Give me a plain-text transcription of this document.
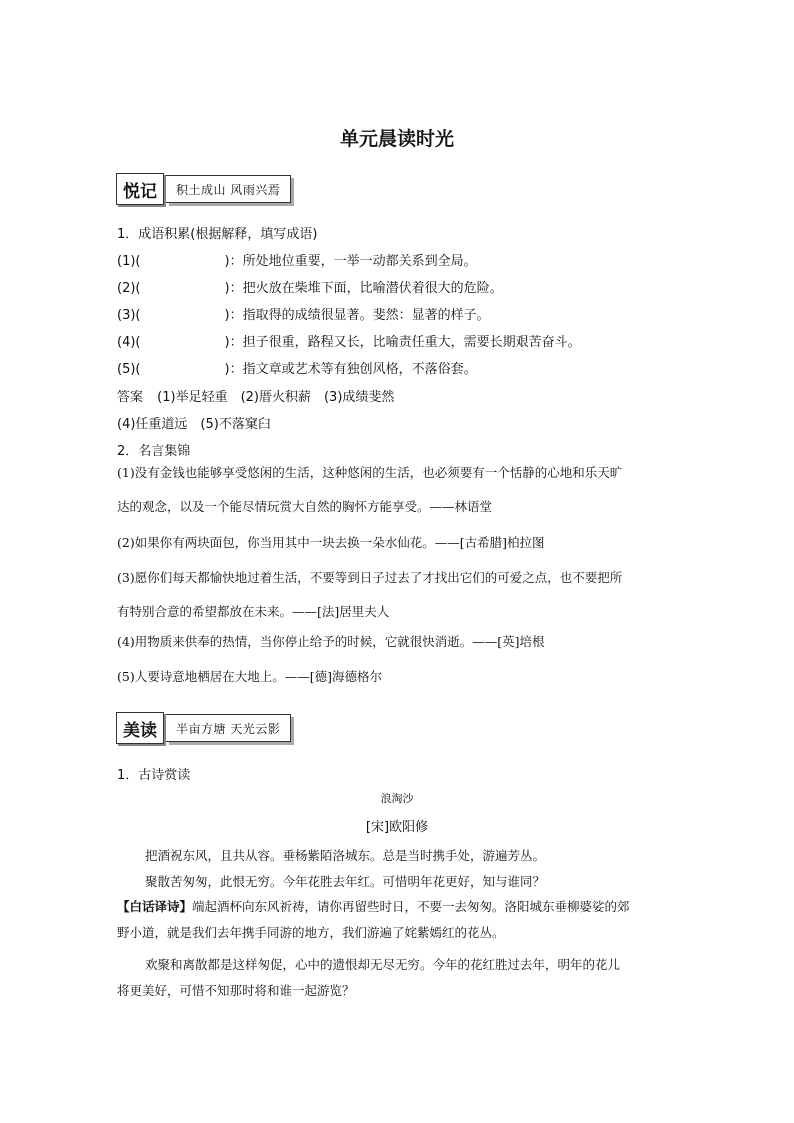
单元晨读时光
悦记	积土成山 风雨兴焉
1．成语积累(根据解释，填写成语)
(1)(	)：所处地位重要，一举一动都关系到全局。
(2)(	)：把火放在柴堆下面，比喻潜伏着很大的危险。
(3)(	)：指取得的成绩很显著。斐然：显著的样子。
(4)(	)：担子很重，路程又长，比喻责任重大，需要长期艰苦奋斗。
(5)(	)：指文章或艺术等有独创风格，不落俗套。
答案 (1)举足轻重　(2)厝火积薪　(3)成绩斐然
(4)任重道远　(5)不落窠臼
2．名言集锦
(1)没有金钱也能够享受悠闲的生活，这种悠闲的生活，也必须要有一个恬静的心地和乐天旷
达的观念，以及一个能尽情玩赏大自然的胸怀方能享受。——林语堂
(2)如果你有两块面包，你当用其中一块去换一朵水仙花。——[古希腊]柏拉图
(3)愿你们每天都愉快地过着生活，不要等到日子过去了才找出它们的可爱之点，也不要把所
有特别合意的希望都放在未来。——[法]居里夫人
(4)用物质来供奉的热情，当你停止给予的时候，它就很快消逝。——[英]培根
(5)人要诗意地栖居在大地上。——[德]海德格尔
美读	半亩方塘 天光云影
1．古诗赏读
浪淘沙
[宋]欧阳修
把酒祝东风，且共从容。垂杨紫陌洛城东。总是当时携手处，游遍芳丛。
聚散苦匆匆，此恨无穷。今年花胜去年红。可惜明年花更好，知与谁同？
【白话译诗】端起酒杯向东风祈祷，请你再留些时日，不要一去匆匆。洛阳城东垂柳婆娑的郊
野小道，就是我们去年携手同游的地方，我们游遍了姹紫嫣红的花丛。
欢聚和离散都是这样匆促，心中的遗恨却无尽无穷。今年的花红胜过去年，明年的花儿
将更美好，可惜不知那时将和谁一起游览？
